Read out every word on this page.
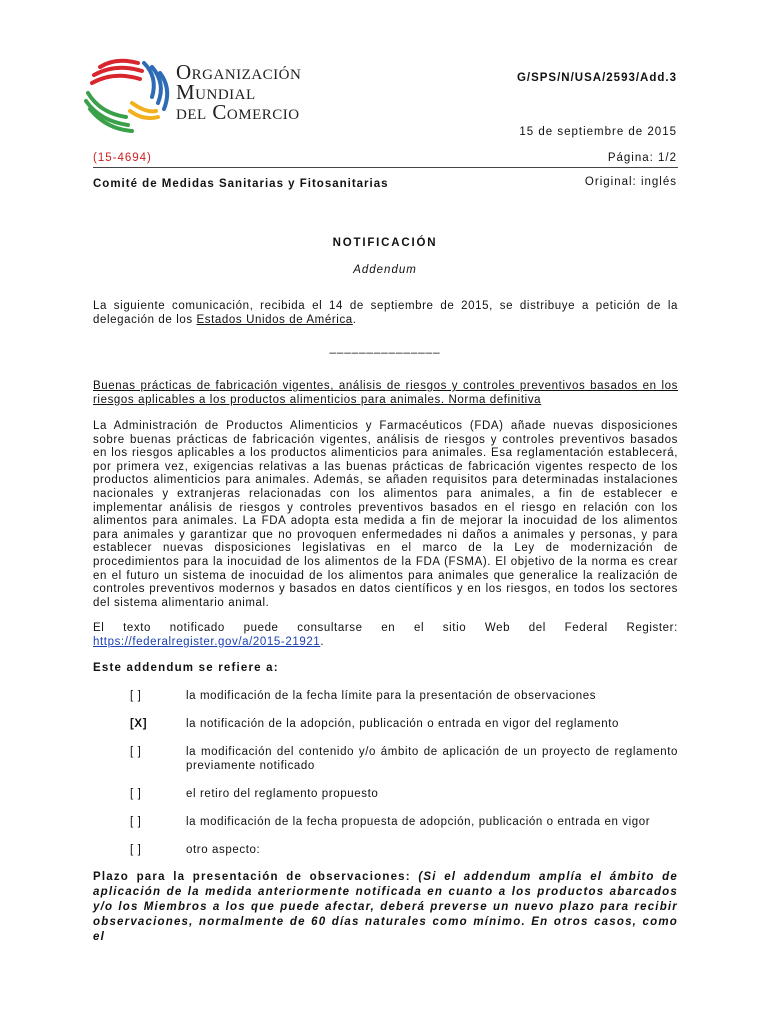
Organización
Mundial
del Comercio
G/SPS/N/USA/2593/Add.3
15 de septiembre de 2015
(15-4694)	Página: 1/2
Comité de Medidas Sanitarias y Fitosanitarias	Original: inglés
NOTIFICACIÓN
Addendum
La siguiente comunicación, recibida el 14 de septiembre de 2015, se distribuye a petición de la delegación de los Estados Unidos de América.
_______________
Buenas prácticas de fabricación vigentes, análisis de riesgos y controles preventivos basados en los riesgos aplicables a los productos alimenticios para animales. Norma definitiva
La Administración de Productos Alimenticios y Farmacéuticos (FDA) añade nuevas disposiciones sobre buenas prácticas de fabricación vigentes, análisis de riesgos y controles preventivos basados en los riesgos aplicables a los productos alimenticios para animales. Esa reglamentación establecerá, por primera vez, exigencias relativas a las buenas prácticas de fabricación vigentes respecto de los productos alimenticios para animales. Además, se añaden requisitos para determinadas instalaciones nacionales y extranjeras relacionadas con los alimentos para animales, a fin de establecer e implementar análisis de riesgos y controles preventivos basados en el riesgo en relación con los alimentos para animales. La FDA adopta esta medida a fin de mejorar la inocuidad de los alimentos para animales y garantizar que no provoquen enfermedades ni daños a animales y personas, y para establecer nuevas disposiciones legislativas en el marco de la Ley de modernización de procedimientos para la inocuidad de los alimentos de la FDA (FSMA). El objetivo de la norma es crear en el futuro un sistema de inocuidad de los alimentos para animales que generalice la realización de controles preventivos modernos y basados en datos científicos y en los riesgos, en todos los sectores del sistema alimentario animal.
El texto notificado puede consultarse en el sitio Web del Federal Register:
https://federalregister.gov/a/2015-21921.
Este addendum se refiere a:
[ ]	la modificación de la fecha límite para la presentación de observaciones
[X]	la notificación de la adopción, publicación o entrada en vigor del reglamento
[ ]	la modificación del contenido y/o ámbito de aplicación de un proyecto de reglamento previamente notificado
[ ]	el retiro del reglamento propuesto
[ ]	la modificación de la fecha propuesta de adopción, publicación o entrada en vigor
[ ]	otro aspecto:
Plazo para la presentación de observaciones: (Si el addendum amplía el ámbito de aplicación de la medida anteriormente notificada en cuanto a los productos abarcados y/o los Miembros a los que puede afectar, deberá preverse un nuevo plazo para recibir observaciones, normalmente de 60 días naturales como mínimo. En otros casos, como el
